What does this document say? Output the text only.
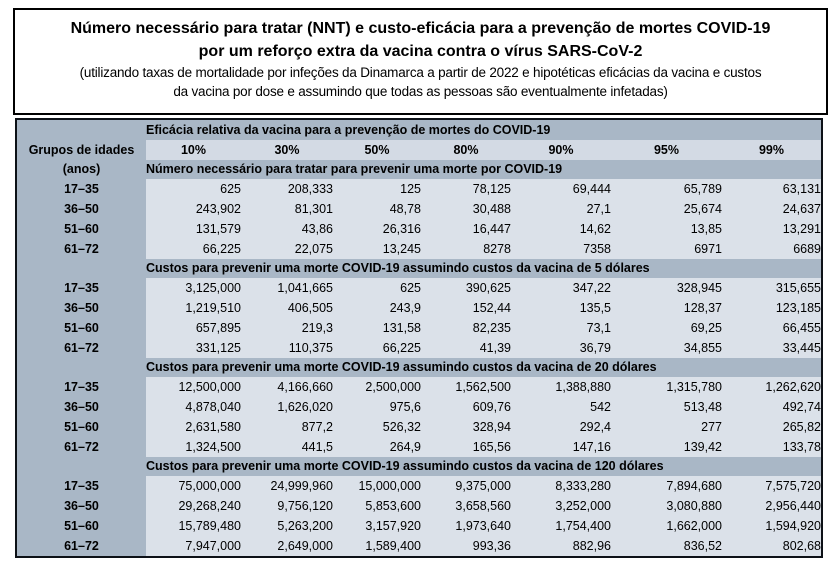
Número necessário para tratar (NNT) e custo-eficácia para a prevenção de mortes COVID-19
por um reforço extra da vacina contra o vírus SARS-CoV-2
(utilizando taxas de mortalidade por infeções da Dinamarca a partir de 2022 e hipotéticas eficácias da vacina e custos
da vacina por dose e assumindo que todas as pessoas são eventualmente infetadas)
	Eficácia relativa da vacina para a prevenção de mortes do COVID-19						
Grupos de idades	10%	30%	50%	80%	90%	95%	99%
(anos)	Número necessário para tratar para prevenir uma morte por COVID-19						
17–35	625	208,333	125	78,125	69,444	65,789	63,131
36–50	243,902	81,301	48,78	30,488	27,1	25,674	24,637
51–60	131,579	43,86	26,316	16,447	14,62	13,85	13,291
61–72	66,225	22,075	13,245	8278	7358	6971	6689
	Custos para prevenir uma morte COVID-19 assumindo custos da vacina de 5 dólares						
17–35	3,125,000	1,041,665	625	390,625	347,22	328,945	315,655
36–50	1,219,510	406,505	243,9	152,44	135,5	128,37	123,185
51–60	657,895	219,3	131,58	82,235	73,1	69,25	66,455
61–72	331,125	110,375	66,225	41,39	36,79	34,855	33,445
	Custos para prevenir uma morte COVID-19 assumindo custos da vacina de 20 dólares						
17–35	12,500,000	4,166,660	2,500,000	1,562,500	1,388,880	1,315,780	1,262,620
36–50	4,878,040	1,626,020	975,6	609,76	542	513,48	492,74
51–60	2,631,580	877,2	526,32	328,94	292,4	277	265,82
61–72	1,324,500	441,5	264,9	165,56	147,16	139,42	133,78
	Custos para prevenir uma morte COVID-19 assumindo custos da vacina de 120 dólares						
17–35	75,000,000	24,999,960	15,000,000	9,375,000	8,333,280	7,894,680	7,575,720
36–50	29,268,240	9,756,120	5,853,600	3,658,560	3,252,000	3,080,880	2,956,440
51–60	15,789,480	5,263,200	3,157,920	1,973,640	1,754,400	1,662,000	1,594,920
61–72	7,947,000	2,649,000	1,589,400	993,36	882,96	836,52	802,68
